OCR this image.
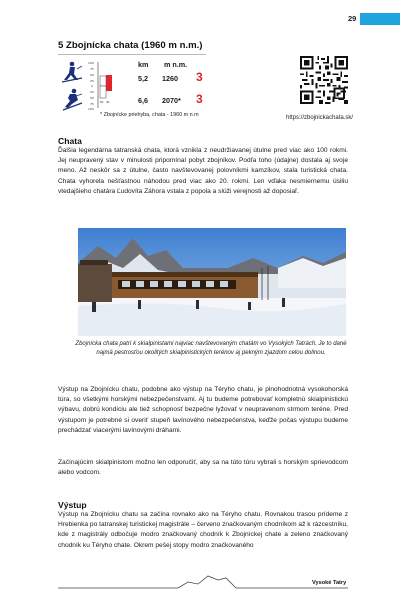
29
5 Zbojnícka chata (1960 m n.m.)
100
75
50
25
0
25
50
75
100
50 40
km m n.m.
5,2 1260 3
6,6 2070* 3
* Zbojnícke priehyba, chata - 1960 m n.m	https://zbojnickachata.sk/
Chata

Ďalšia legendárna tatranská chata, ktorá vznikla z neudržiavanej útulne pred viac ako 100 rokmi. Jej neupravený stav v minulosti pripomínal pobyt zbojníkov. Podľa toho (údajne) dostala aj svoje meno. Až neskôr sa z útulne, často navštevovanej polovníkmi kamzíkov, stala turistická chata. Chata vyhorela nešťastnou náhodou pred viac ako 20. rokmi. Len vďaka nesmiernemu úsiliu vtedajšieho chatára Ľudovíta Záhora vstala z popola a slúži verejnosti až doposiaľ.

Zbojnícka chata patrí k skialpinistami najviac navštevovaným chatám vo Vysokých Tatrách. Je to dané najmä pestrosťou okolitých skialpinistických terénov aj pekným zjazdom celou dolinou.

Výstup na Zbojnícku chatu, podobne ako výstup na Téryho chatu, je plnohodnotná vysokohorská túra, so všetkými horskými nebezpečenstvami. Aj tu budeme potrebovať kompletnú skialpinistickú výbavu, dobrú kondíciu ale tiež schopnosť bezpečne lyžovať v neupravenom strmom teréne. Pred výstupom je potrebné si overiť stupeň lavínového nebezpečenstva, keďže počas výstupu budeme prechádzať viacerými lavínovými dráhami.

Začínajúcim skialpinistom možno len odporučiť, aby sa na túto túru vybrali s horským sprievodcom alebo vodcom.

Výstup

Výstup na Zbojnícku chatu sa začína rovnako ako na Téryho chatu. Rovnakou trasou prídeme z Hrebienka po tatranskej turistickej magistrále – červeno značkovaným chodníkom až k rázcestníku, kde z magistrály odbočuje modro značkovaný chodník k Zbojníckej chate a zeleno značkovaný chodník ku Téryho chate. Okrem pešej stopy modro značkovaného

Vysoké Tatry
